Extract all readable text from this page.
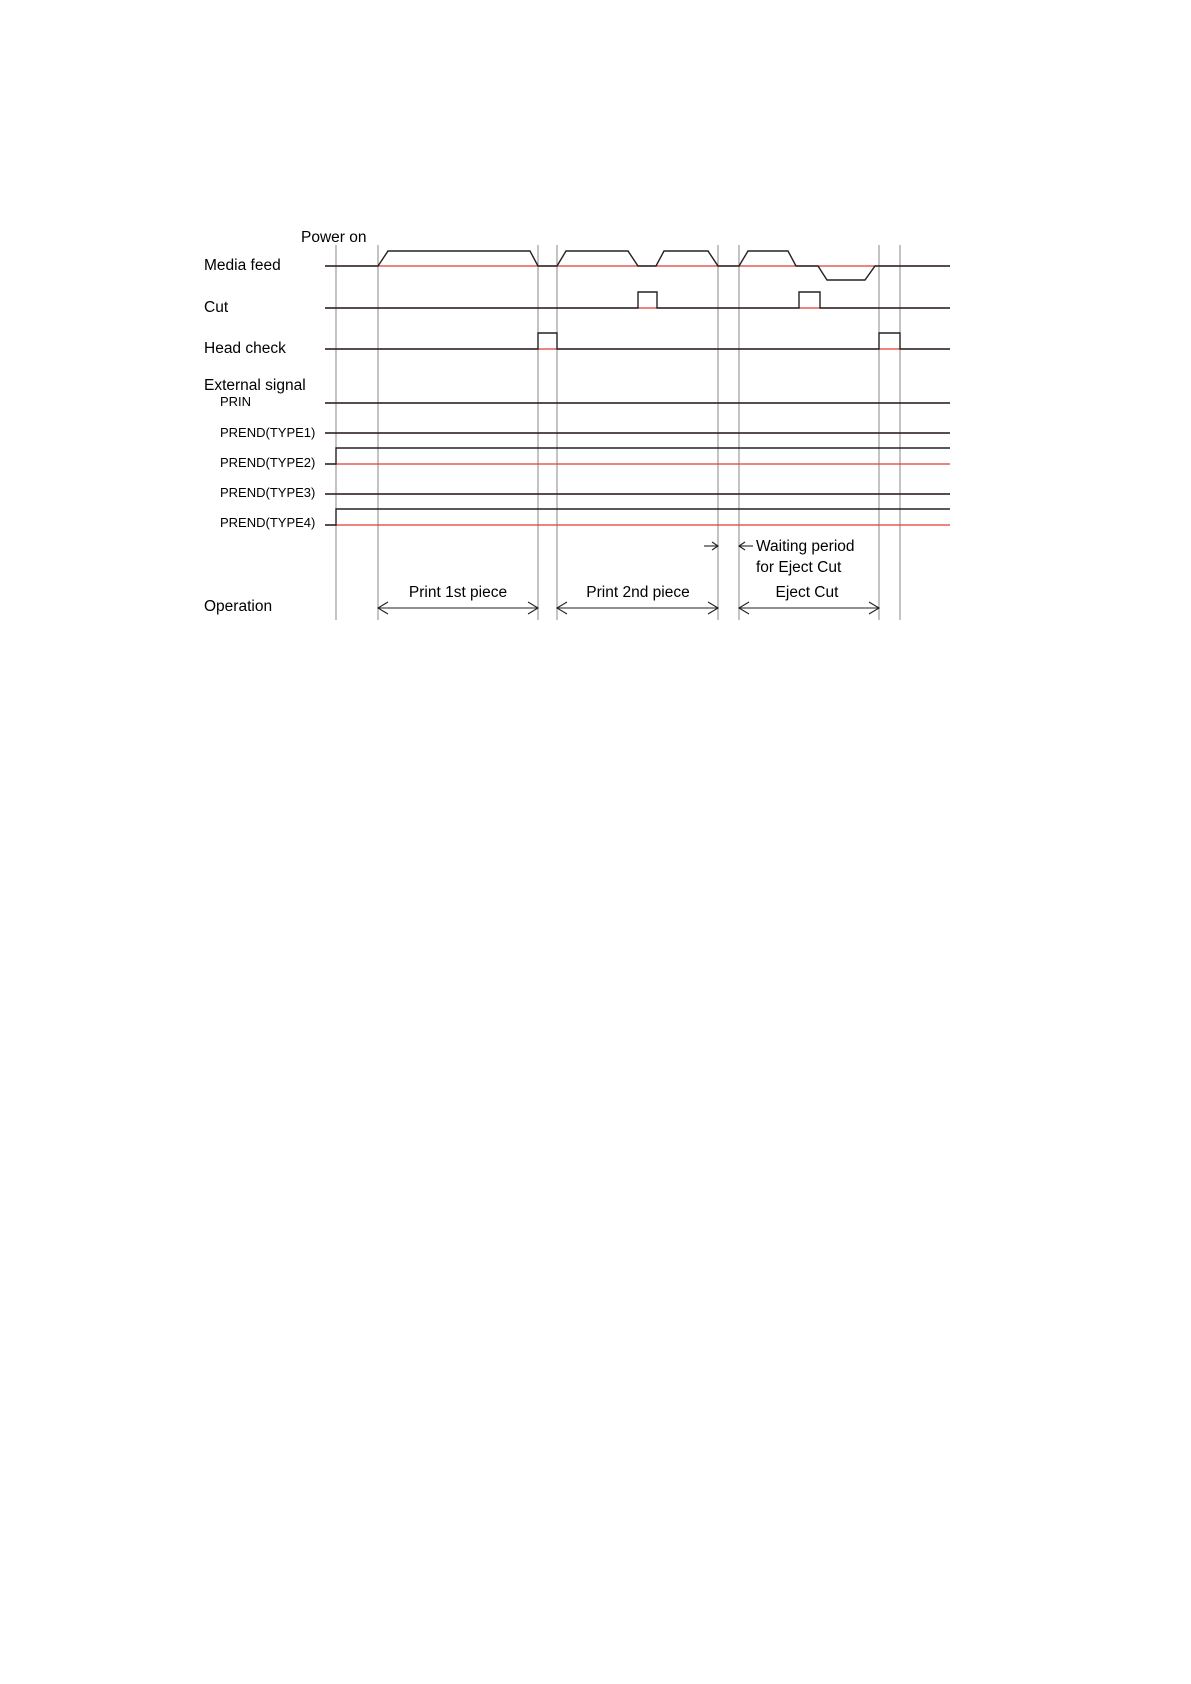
Power on
Media feed
Cut
Head check
External signal
PRIN
PREND(TYPE1)
PREND(TYPE2)
PREND(TYPE3)
PREND(TYPE4)
Operation
Waiting period
for Eject Cut
Print 1st piece	Print 2nd piece	Eject Cut
